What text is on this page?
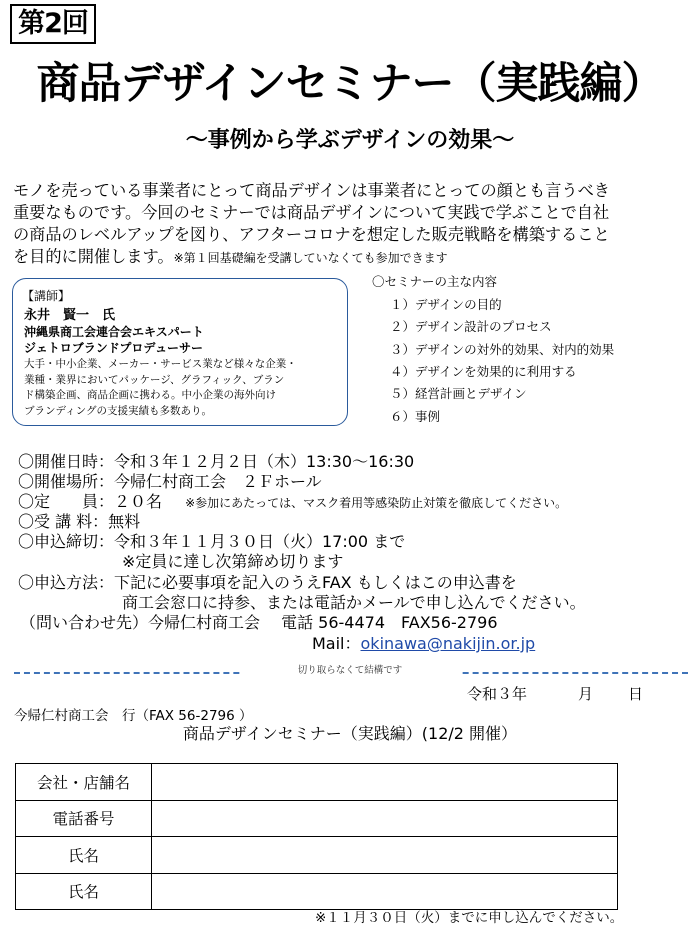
第2回
商品デザインセミナー（実践編）
〜事例から学ぶデザインの効果〜
モノを売っている事業者にとって商品デザインは事業者にとっての顔とも言うべき
重要なものです。今回のセミナーでは商品デザインについて実践で学ぶことで自社
の商品のレベルアップを図り、アフターコロナを想定した販売戦略を構築すること
を目的に開催します。※第１回基礎編を受講していなくても参加できます
【講師】
永井　賢一　氏
沖縄県商工会連合会エキスパート
ジェトロブランドプロデューサー
大手・中小企業、メーカー・サービス業など様々な企業・
業種・業界においてパッケージ、グラフィック、ブラン
ド構築企画、商品企画に携わる。中小企業の海外向け
ブランディングの支援実績も多数あり。
〇セミナーの主な内容
１）デザインの目的
２）デザイン設計のプロセス
３）デザインの対外的効果、対内的効果
４）デザインを効果的に利用する
５）経営計画とデザイン
６）事例
〇開催日時：令和３年１２月２日（木）13:30〜16:30
〇開催場所：今帰仁村商工会　２Ｆホール
〇定　　員：２０名 ※参加にあたっては、マスク着用等感染防止対策を徹底してください。
〇受 講 料：無料
〇申込締切：令和３年１１月３０日（火）17:00 まで
※定員に達し次第締め切ります
〇申込方法：下記に必要事項を記入のうえFAX もしくはこの申込書を
商工会窓口に持参、または電話かメールで申し込んでください。
（問い合わせ先）今帰仁村商工会　 電話 56-4474　FAX56-2796
Mail：okinawa@nakijin.or.jp
切り取らなくて結構です
令和３年	月 日
今帰仁村商工会　行（FAX 56-2796 ）
商品デザインセミナー（実践編）(12/2 開催）
会社・店舗名	
電話番号	
氏名	
氏名	
※１１月３０日（火）までに申し込んでください。
